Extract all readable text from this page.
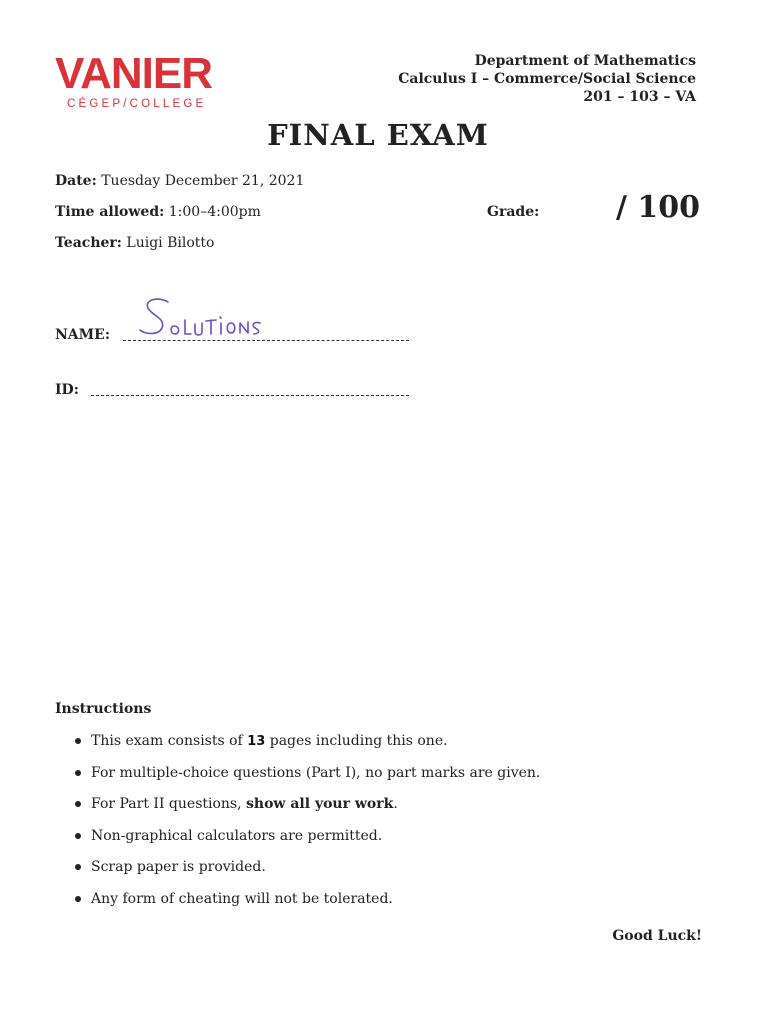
VANIER
CÉGEP/COLLEGE
Department of Mathematics
Calculus I – Commerce/Social Science
201 – 103 – VA
FINAL EXAM
Date: Tuesday December 21, 2021
Time allowed: 1:00–4:00pm
Teacher: Luigi Bilotto
Grade:	/ 100
NAME:
ID:
Instructions
This exam consists of 13 pages including this one.
For multiple-choice questions (Part I), no part marks are given.
For Part II questions, show all your work.
Non-graphical calculators are permitted.
Scrap paper is provided.
Any form of cheating will not be tolerated.
Good Luck!
